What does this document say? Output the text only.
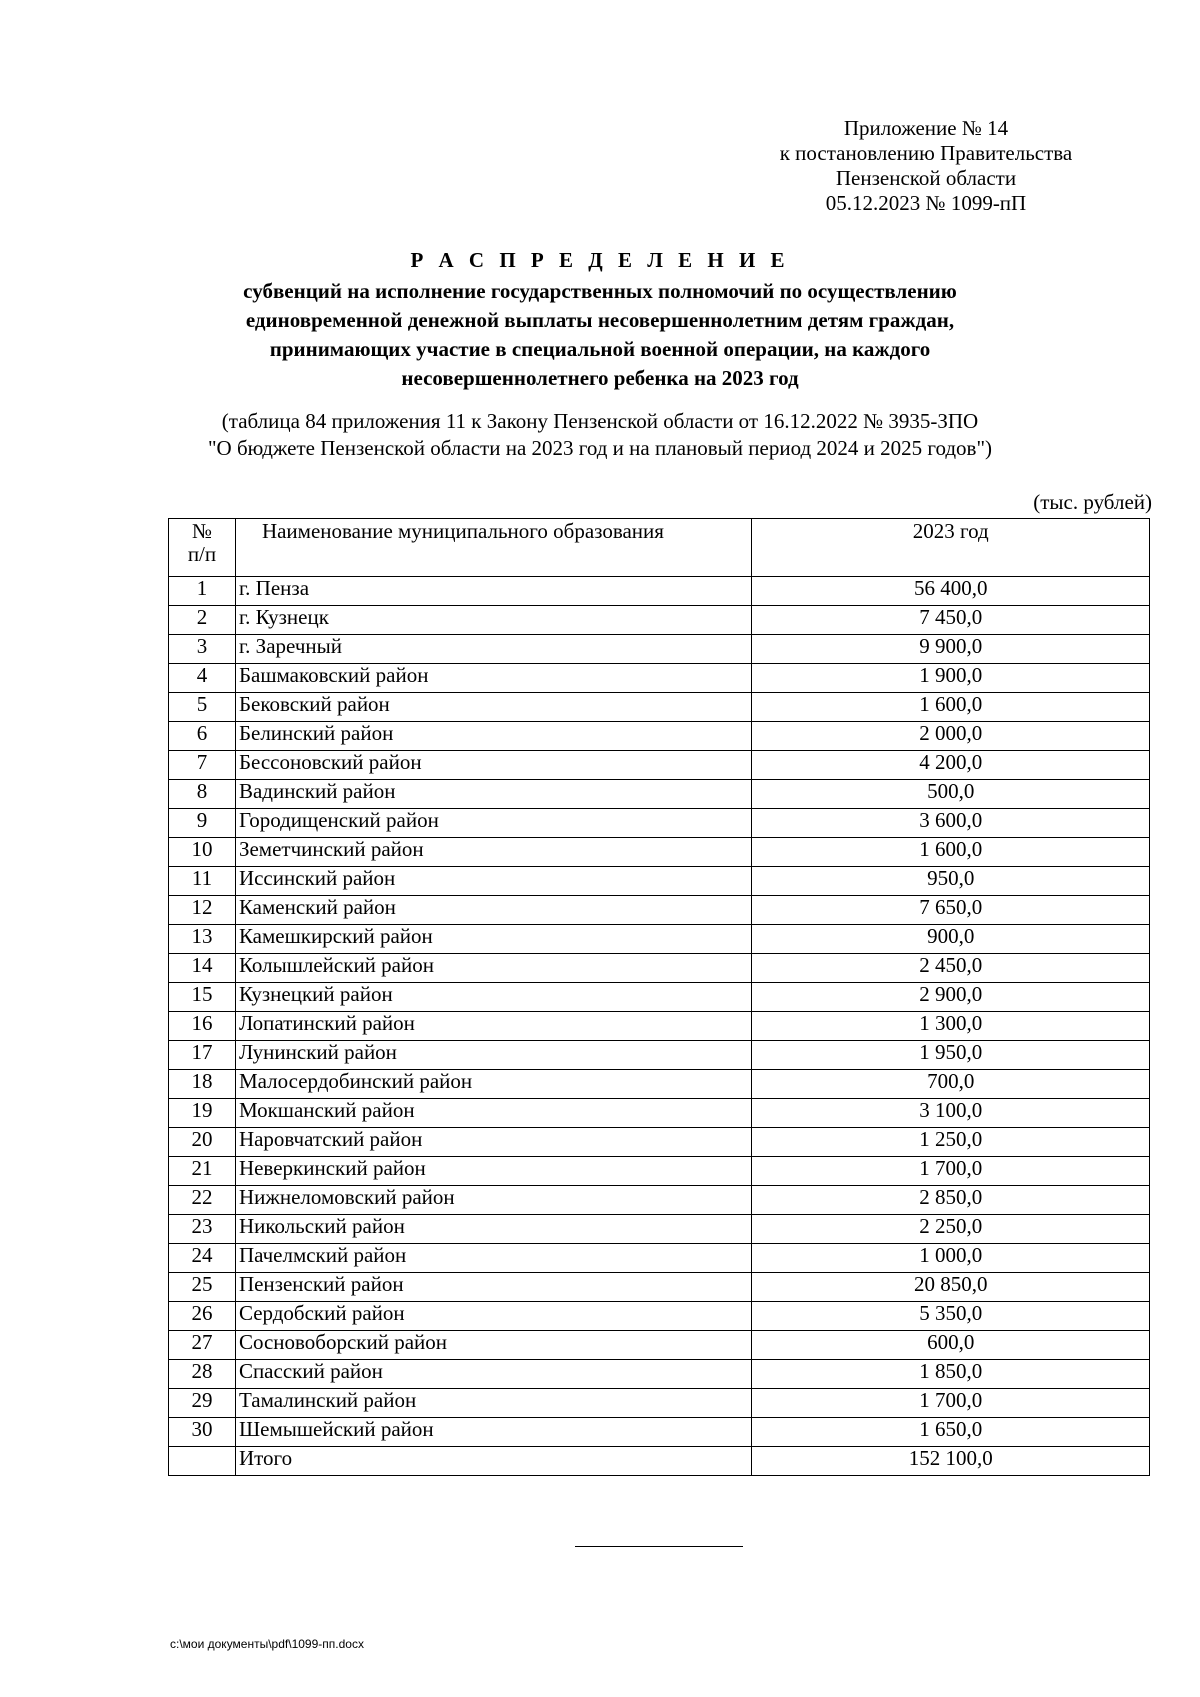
Приложение № 14
к постановлению Правительства
Пензенской области
05.12.2023 № 1099-пП
Р А С П Р Е Д Е Л Е Н И Е
субвенций на исполнение государственных полномочий по осуществлению
единовременной денежной выплаты несовершеннолетним детям граждан,
принимающих участие в специальной военной операции, на каждого
несовершеннолетнего ребенка на 2023 год
(таблица 84 приложения 11 к Закону Пензенской области от 16.12.2022 № 3935-ЗПО
"О бюджете Пензенской области на 2023 год и на плановый период 2024 и 2025 годов")
(тыс. рублей)
№
п/п	Наименование муниципального образования	2023 год
1	г. Пенза	56 400,0
2	г. Кузнецк	7 450,0
3	г. Заречный	9 900,0
4	Башмаковский район	1 900,0
5	Бековский район	1 600,0
6	Белинский район	2 000,0
7	Бессоновский район	4 200,0
8	Вадинский район	500,0
9	Городищенский район	3 600,0
10	Земетчинский район	1 600,0
11	Иссинский район	950,0
12	Каменский район	7 650,0
13	Камешкирский район	900,0
14	Колышлейский район	2 450,0
15	Кузнецкий район	2 900,0
16	Лопатинский район	1 300,0
17	Лунинский район	1 950,0
18	Малосердобинский район	700,0
19	Мокшанский район	3 100,0
20	Наровчатский район	1 250,0
21	Неверкинский район	1 700,0
22	Нижнеломовский район	2 850,0
23	Никольский район	2 250,0
24	Пачелмский район	1 000,0
25	Пензенский район	20 850,0
26	Сердобский район	5 350,0
27	Сосновоборский район	600,0
28	Спасский район	1 850,0
29	Тамалинский район	1 700,0
30	Шемышейский район	1 650,0
	Итого	152 100,0
c:\мои документы\pdf\1099-пп.docx
